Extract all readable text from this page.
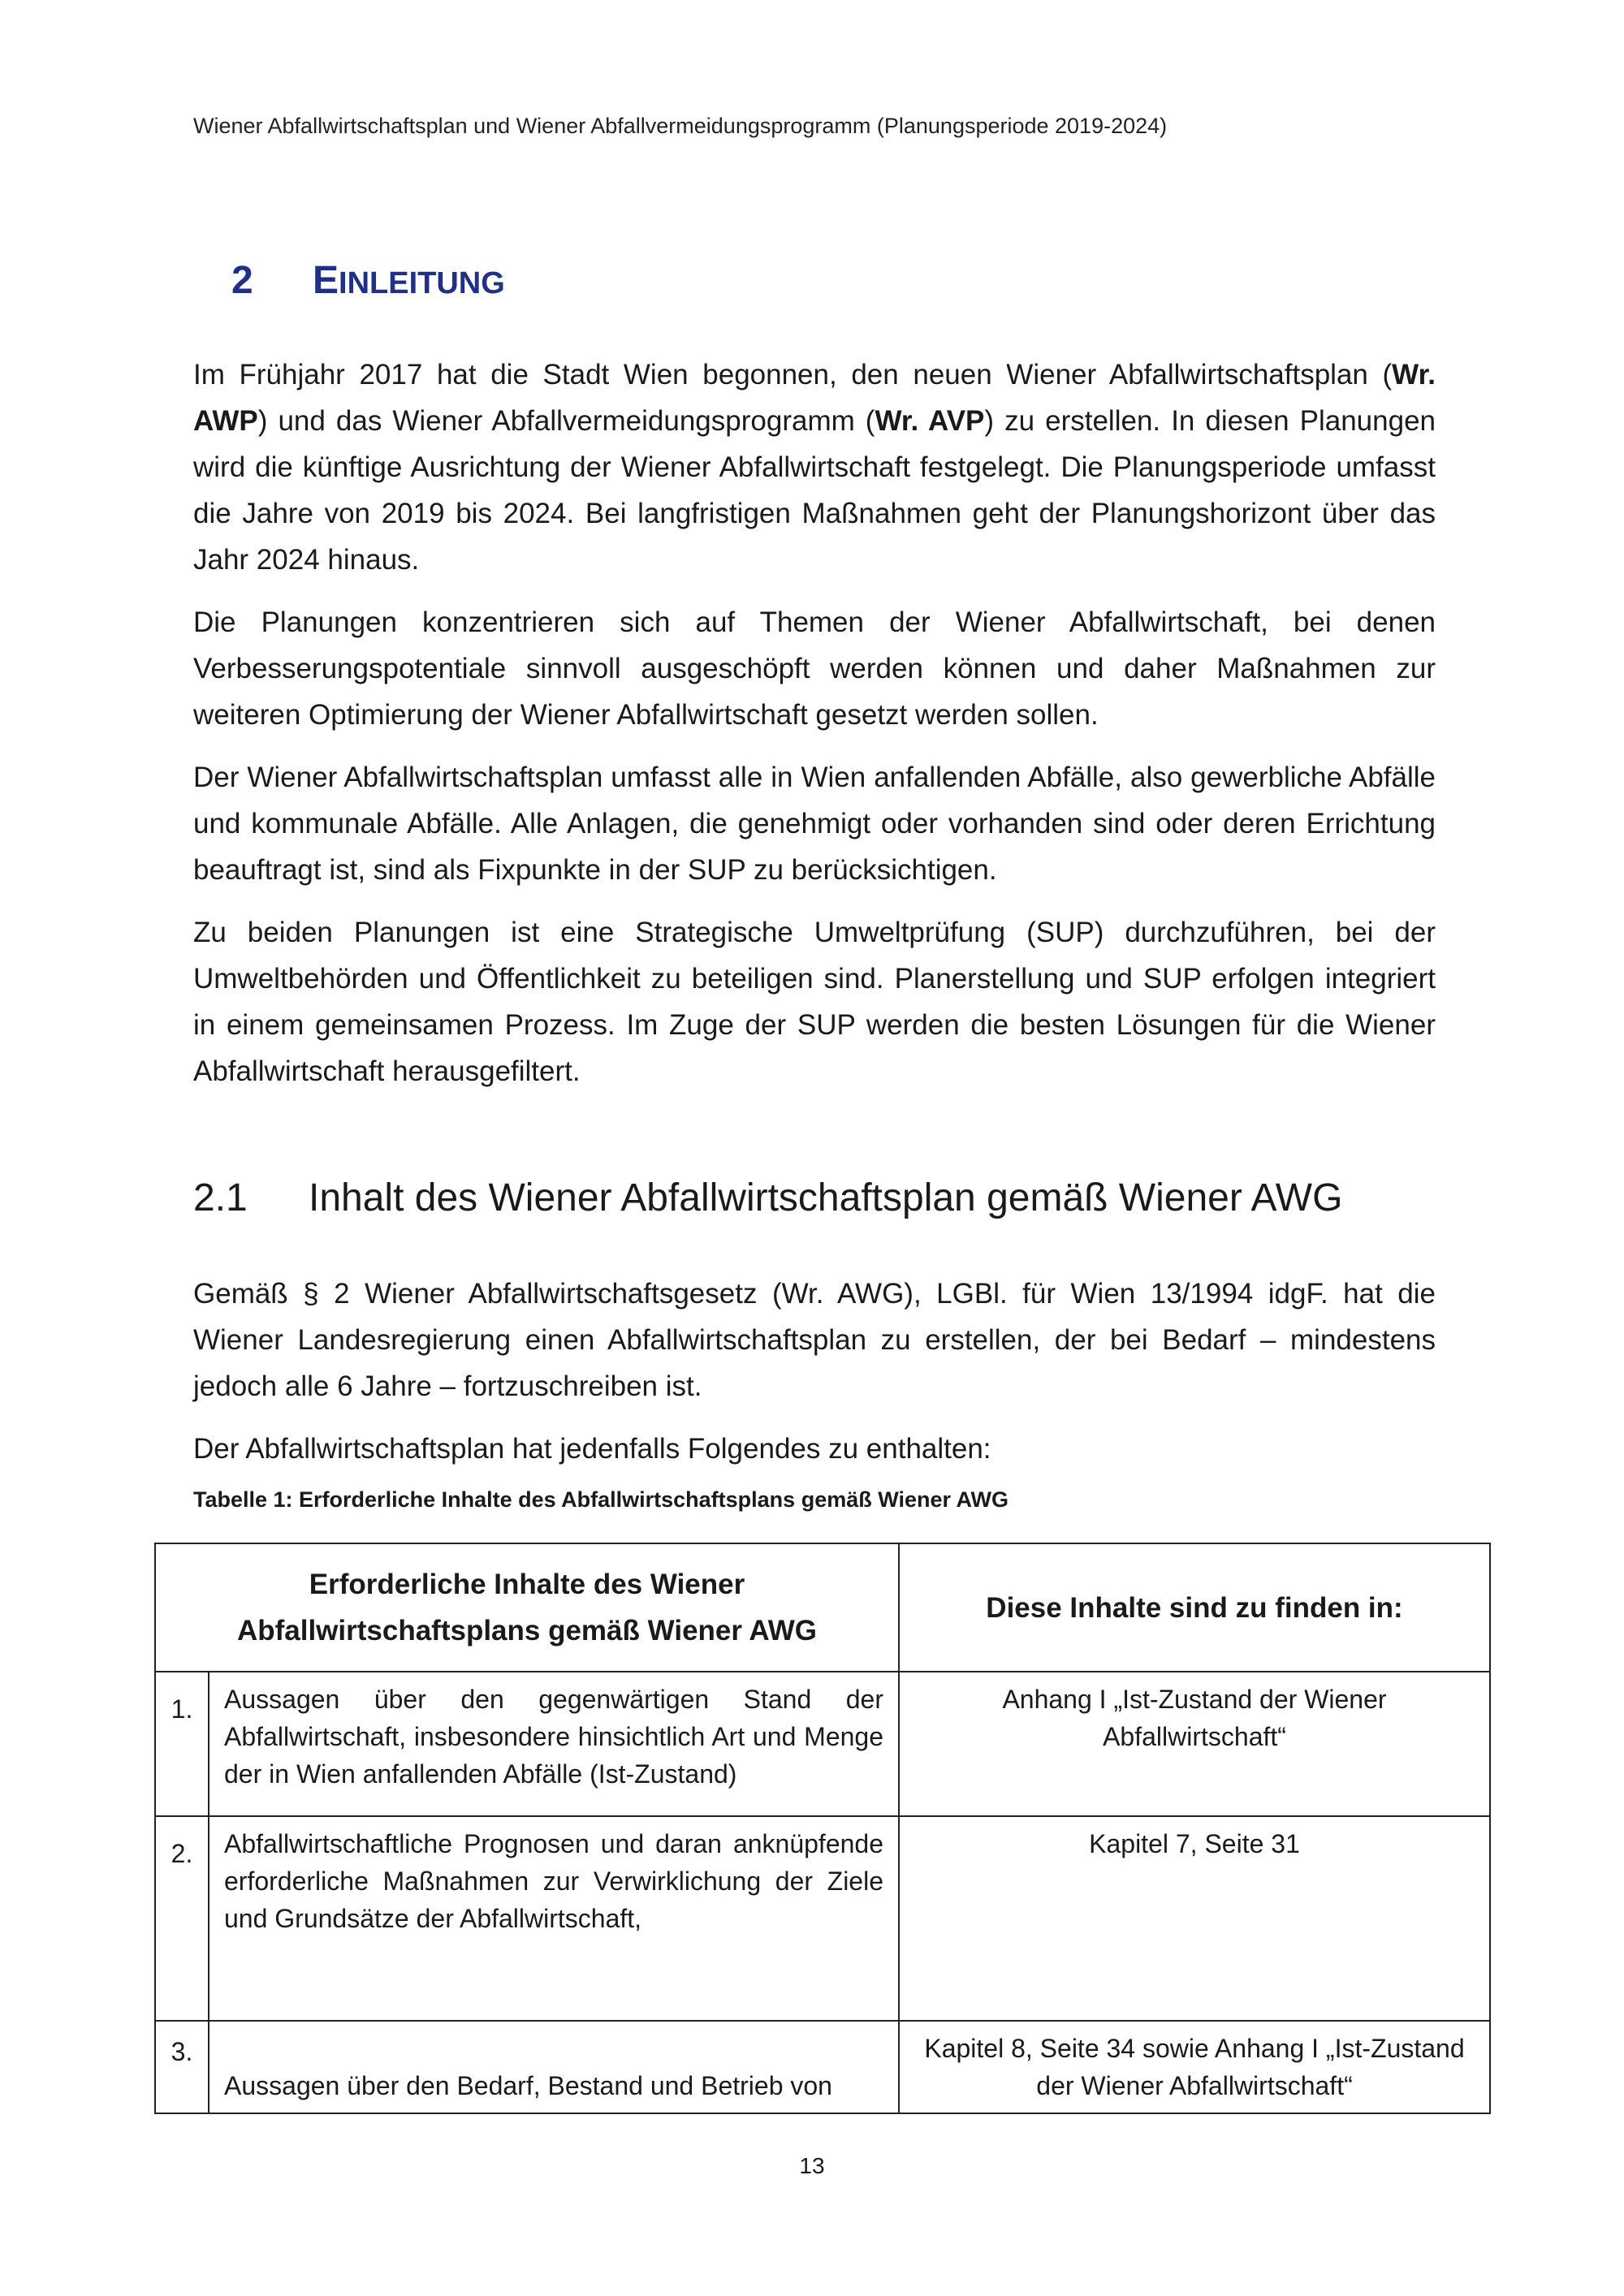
Wiener Abfallwirtschaftsplan und Wiener Abfallvermeidungsprogramm (Planungsperiode 2019-2024)
2 EINLEITUNG

Im Frühjahr 2017 hat die Stadt Wien begonnen, den neuen Wiener Abfallwirtschaftsplan (Wr. AWP) und das Wiener Abfallvermeidungsprogramm (Wr. AVP) zu erstellen. In diesen Planungen wird die künftige Ausrichtung der Wiener Abfallwirtschaft festgelegt. Die Planungsperiode umfasst die Jahre von 2019 bis 2024. Bei langfristigen Maßnahmen geht der Planungshorizont über das Jahr 2024 hinaus.

Die Planungen konzentrieren sich auf Themen der Wiener Abfallwirtschaft, bei denen Verbesserungspotentiale sinnvoll ausgeschöpft werden können und daher Maßnahmen zur weiteren Optimierung der Wiener Abfallwirtschaft gesetzt werden sollen.

Der Wiener Abfallwirtschaftsplan umfasst alle in Wien anfallenden Abfälle, also gewerbliche Abfälle und kommunale Abfälle. Alle Anlagen, die genehmigt oder vorhanden sind oder deren Errichtung beauftragt ist, sind als Fixpunkte in der SUP zu berücksichtigen.

Zu beiden Planungen ist eine Strategische Umweltprüfung (SUP) durchzuführen, bei der Umweltbehörden und Öffentlichkeit zu beteiligen sind. Planerstellung und SUP erfolgen integriert in einem gemeinsamen Prozess. Im Zuge der SUP werden die besten Lösungen für die Wiener Abfallwirtschaft herausgefiltert.

2.1 Inhalt des Wiener Abfallwirtschaftsplan gemäß Wiener AWG

Gemäß § 2 Wiener Abfallwirtschaftsgesetz (Wr. AWG), LGBl. für Wien 13/1994 idgF. hat die Wiener Landesregierung einen Abfallwirtschaftsplan zu erstellen, der bei Bedarf – mindestens jedoch alle 6 Jahre – fortzuschreiben ist.

Der Abfallwirtschaftsplan hat jedenfalls Folgendes zu enthalten:

Tabelle 1: Erforderliche Inhalte des Abfallwirtschaftsplans gemäß Wiener AWG
Erforderliche Inhalte des Wiener Abfallwirtschaftsplans gemäß Wiener AWG		Diese Inhalte sind zu finden in:
1.	Aussagen über den gegenwärtigen Stand der Abfallwirtschaft, insbesondere hinsichtlich Art und Menge der in Wien anfallenden Abfälle (Ist-Zustand)	Anhang I „Ist-Zustand der Wiener Abfallwirtschaft“
2.	Abfallwirtschaftliche Prognosen und daran anknüpfende erforderliche Maßnahmen zur Verwirklichung der Ziele und Grundsätze der Abfallwirtschaft,	Kapitel 7, Seite 31
3.	Aussagen über den Bedarf, Bestand und Betrieb von	Kapitel 8, Seite 34 sowie Anhang I „Ist-Zustand der Wiener Abfallwirtschaft“
13
